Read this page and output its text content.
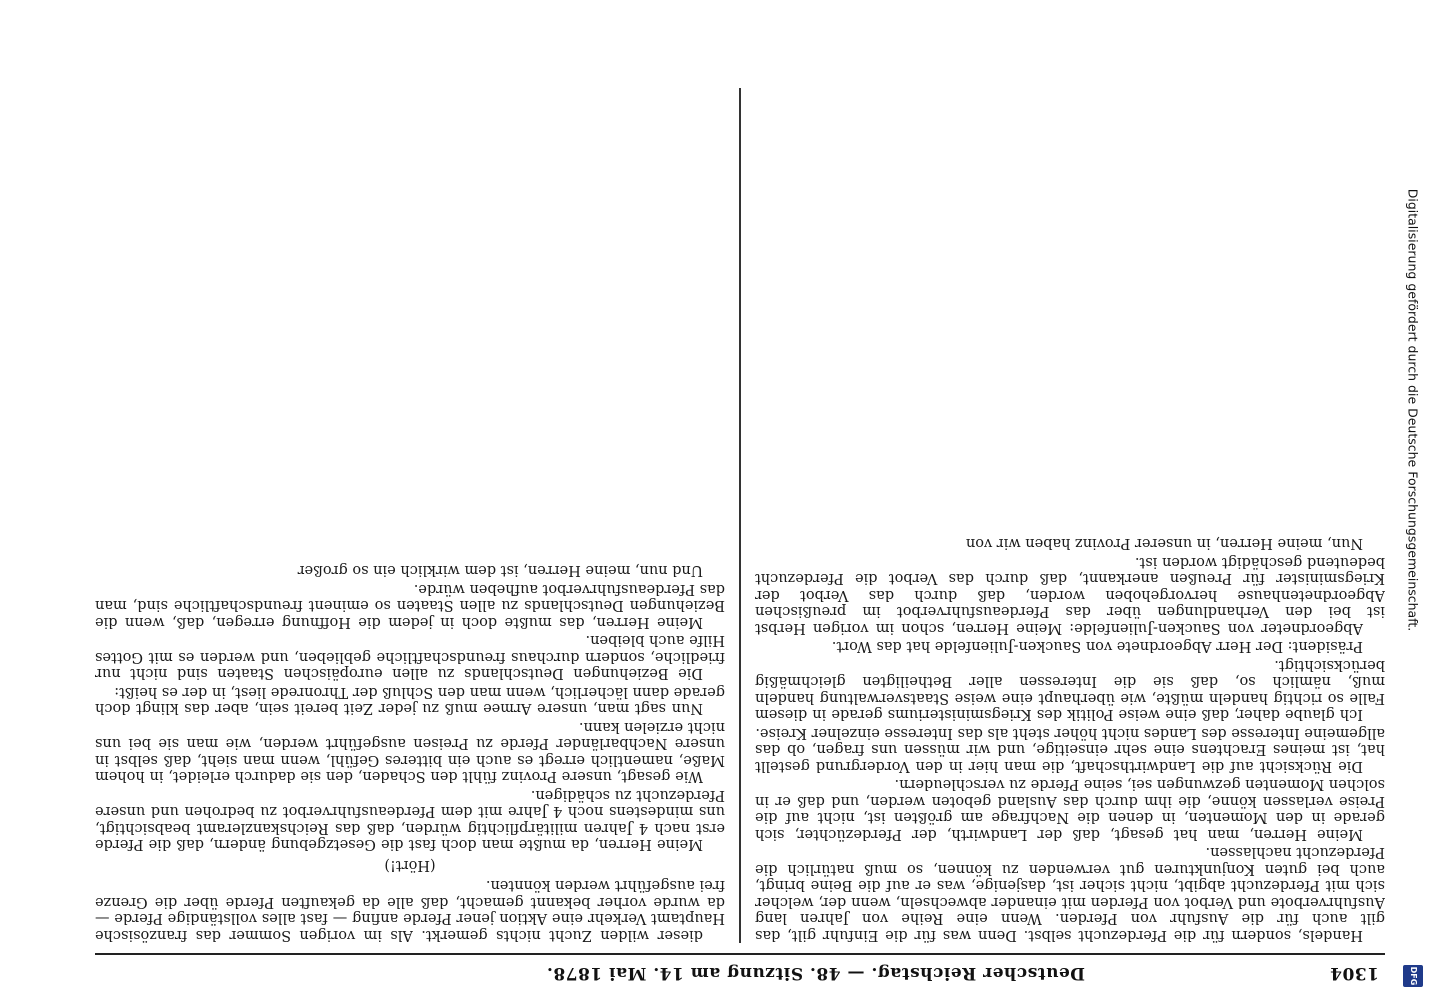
1304
Deutscher Reichstag. — 48. Sitzung am 14. Mai 1878.

Handels, sondern für die Pferdezucht selbst. Denn was für die Einfuhr gilt, das gilt auch für die Ausfuhr von Pferden. Wenn eine Reihe von Jahren lang Ausfuhrverbote und Verbot von Pferden mit einander abwechseln, wenn der, welcher sich mit Pferdezucht abgibt, nicht sicher ist, dasjenige, was er auf die Beine bringt, auch bei guten Konjunkturen gut verwenden zu können, so muß natürlich die Pferdezucht nachlassen.

Meine Herren, man hat gesagt, daß der Landwirth, der Pferdezüchter, sich gerade in den Momenten, in denen die Nachfrage am größten ist, nicht auf die Preise verlassen könne, die ihm durch das Ausland geboten werden, und daß er in solchen Momenten gezwungen sei, seine Pferde zu verschleudern.

Die Rücksicht auf die Landwirthschaft, die man hier in den Vordergrund gestellt hat, ist meines Erachtens eine sehr einseitige, und wir müssen uns fragen, ob das allgemeine Interesse des Landes nicht höher steht als das Interesse einzelner Kreise.

Ich glaube daher, daß eine weise Politik des Kriegsministeriums gerade in diesem Falle so richtig handeln müßte, wie überhaupt eine weise Staatsverwaltung handeln muß, nämlich so, daß sie die Interessen aller Betheiligten gleichmäßig berücksichtigt.

Präsident: Der Herr Abgeordnete von Saucken-Julienfelde hat das Wort.

Abgeordneter von Saucken-Julienfelde: Meine Herren, schon im vorigen Herbst ist bei den Verhandlungen über das Pferdeausfuhrverbot im preußischen Abgeordnetenhause hervorgehoben worden, daß durch das Verbot der Kriegsminister für Preußen anerkannt, daß durch das Verbot die Pferdezucht bedeutend geschädigt worden ist.

Nun, meine Herren, in unserer Provinz haben wir von

dieser wilden Zucht nichts gemerkt. Als im vorigen Sommer das französische Hauptamt Verkehr eine Aktion jener Pferde anfing — fast alles vollständige Pferde — da wurde vorher bekannt gemacht, daß alle da gekauften Pferde über die Grenze frei ausgeführt werden könnten.

(Hört!)

Meine Herren, da mußte man doch fast die Gesetzgebung ändern, daß die Pferde erst nach 4 Jahren militärpflichtig würden, daß das Reichskanzleramt beabsichtigt, uns mindestens noch 4 Jahre mit dem Pferdeausfuhrverbot zu bedrohen und unsere Pferdezucht zu schädigen.

Wie gesagt, unsere Provinz fühlt den Schaden, den sie dadurch erleidet, in hohem Maße, namentlich erregt es auch ein bitteres Gefühl, wenn man sieht, daß selbst in unsere Nachbarländer Pferde zu Preisen ausgeführt werden, wie man sie bei uns nicht erzielen kann.

Nun sagt man, unsere Armee muß zu jeder Zeit bereit sein, aber das klingt doch gerade dann lächerlich, wenn man den Schluß der Thronrede liest, in der es heißt:

Die Beziehungen Deutschlands zu allen europäischen Staaten sind nicht nur friedliche, sondern durchaus freundschaftliche geblieben, und werden es mit Gottes Hilfe auch bleiben.

Meine Herren, das mußte doch in jedem die Hoffnung erregen, daß, wenn die Beziehungen Deutschlands zu allen Staaten so eminent freundschaftliche sind, man das Pferdeausfuhrverbot aufheben würde.

Und nun, meine Herren, ist dem wirklich ein so großer	Digitalisierung gefördert durch die Deutsche Forschungsgemeinschaft.
DFG
